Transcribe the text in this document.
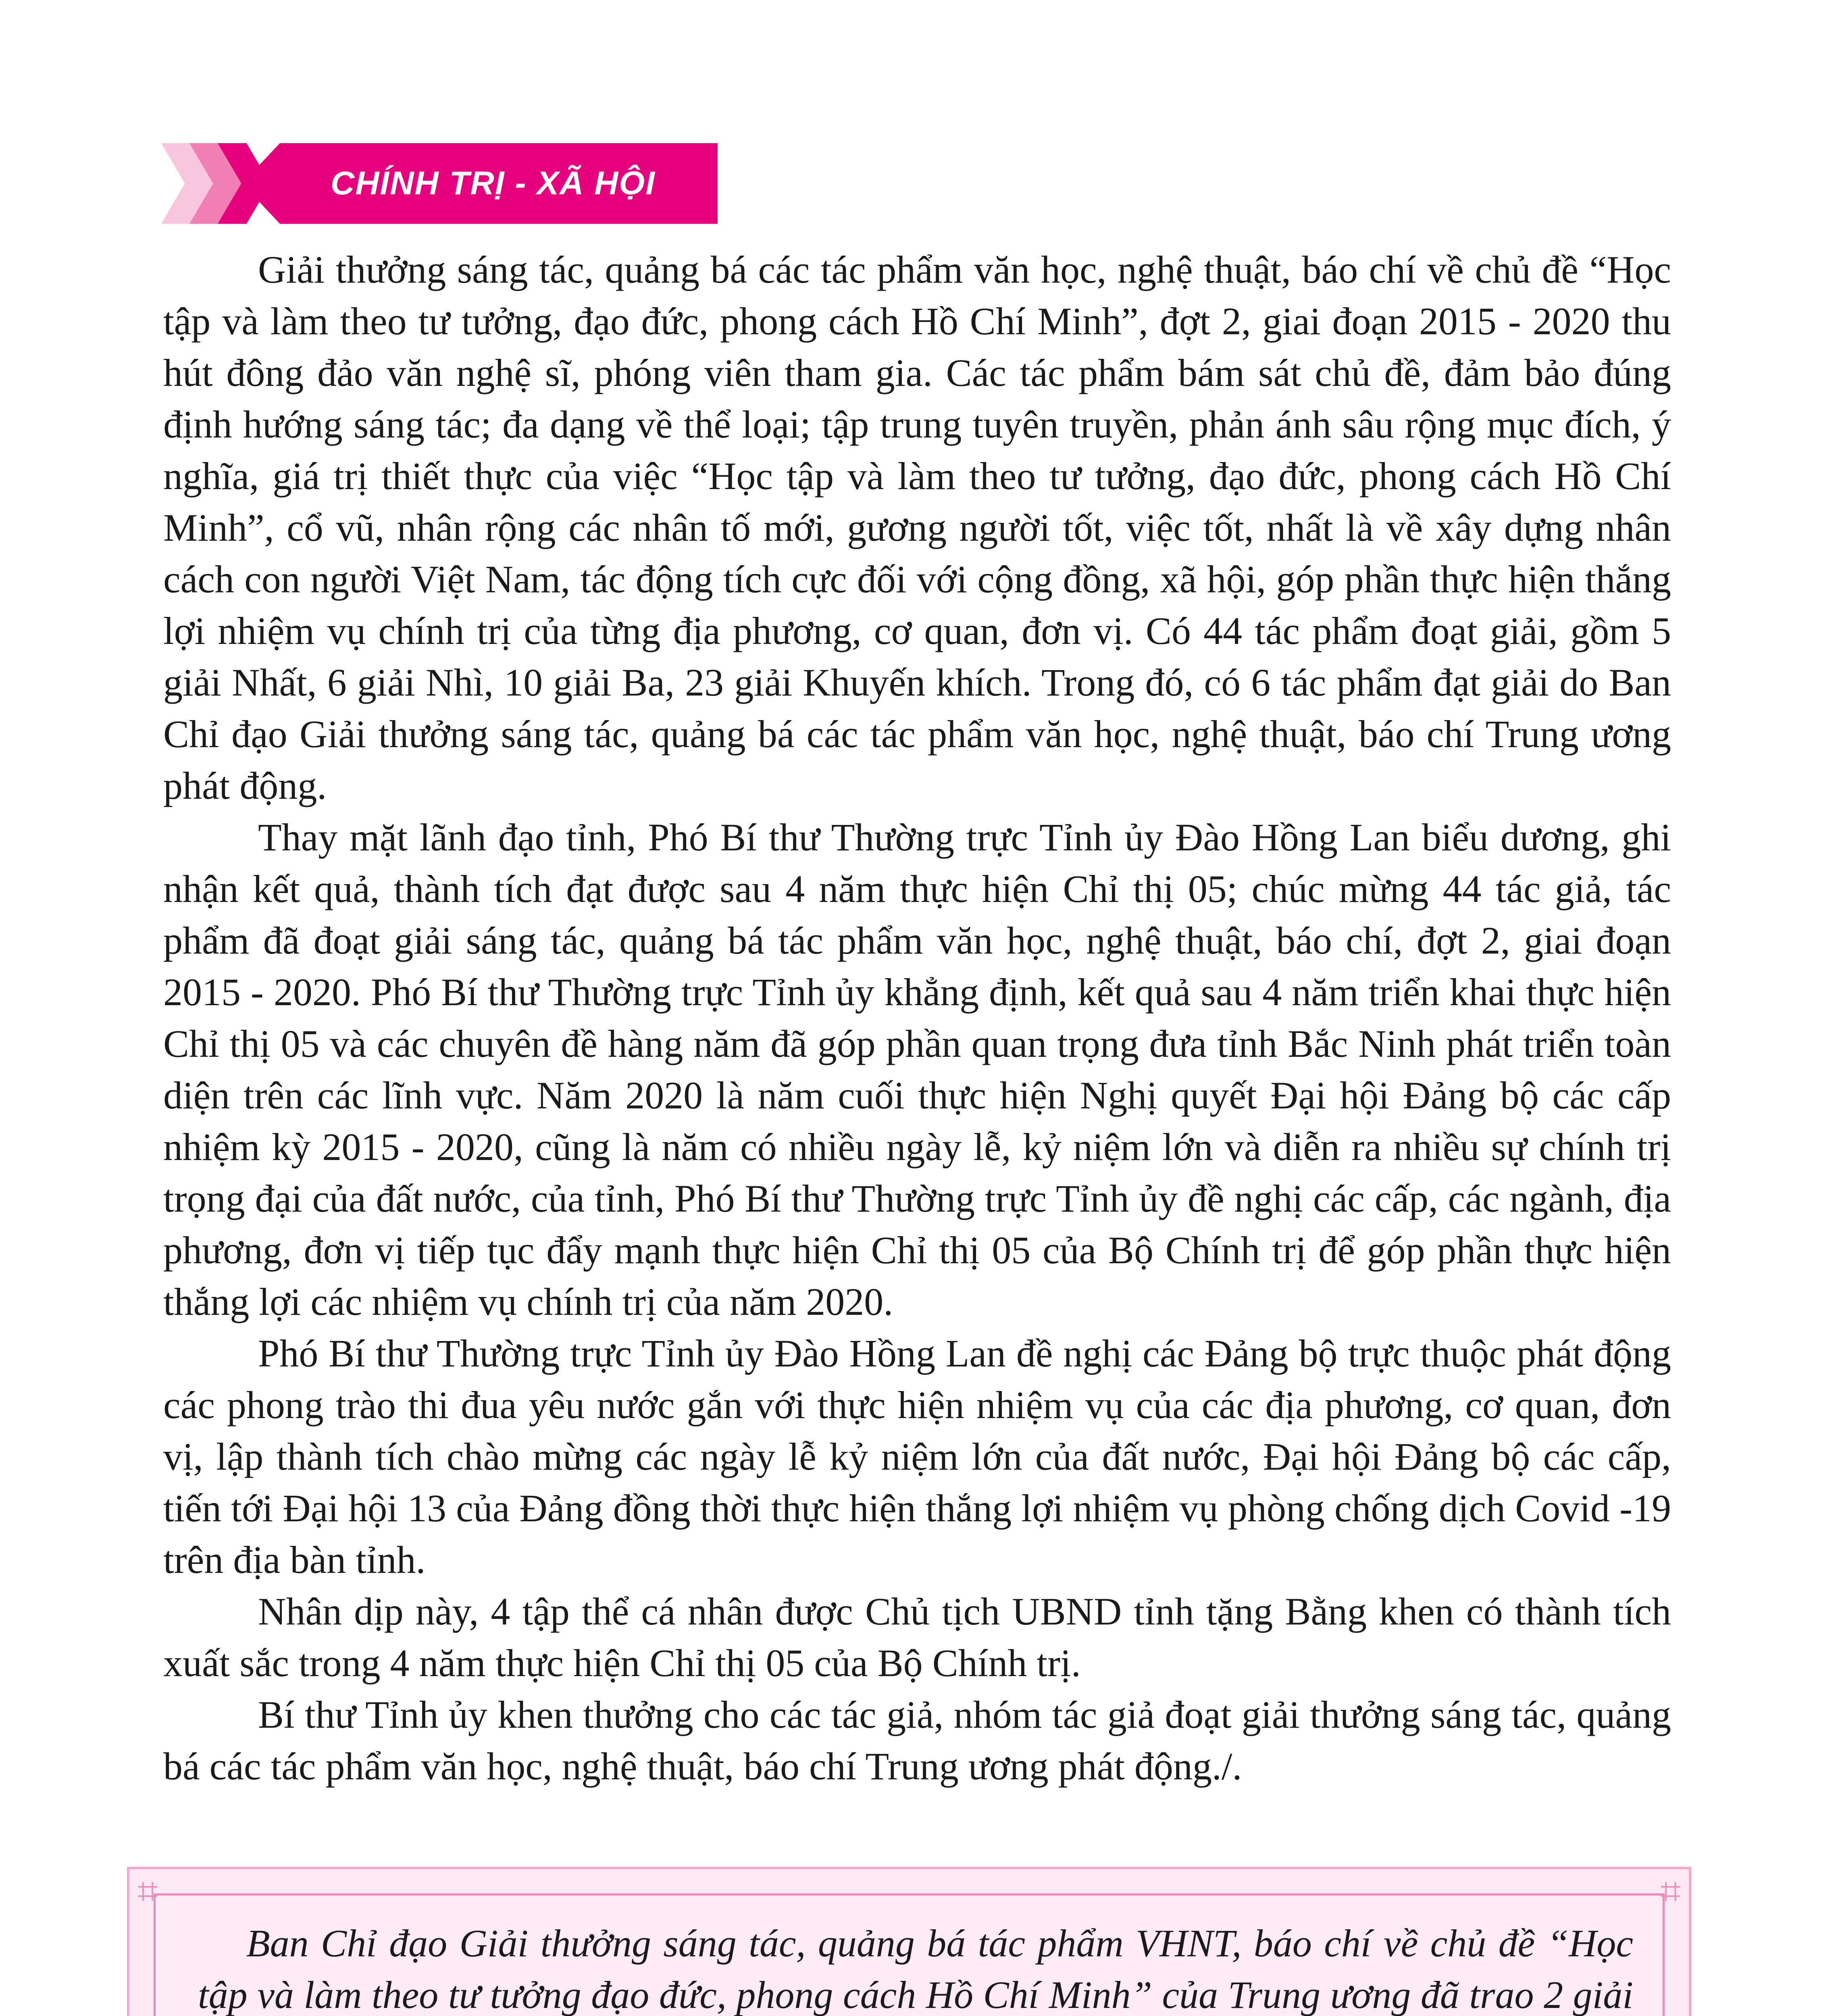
CHÍNH TRỊ - XÃ HỘI

Giải thưởng sáng tác, quảng bá các tác phẩm văn học, nghệ thuật, báo chí về chủ đề “Học tập và làm theo tư tưởng, đạo đức, phong cách Hồ Chí Minh”, đợt 2, giai đoạn 2015 - 2020 thu hút đông đảo văn nghệ sĩ, phóng viên tham gia. Các tác phẩm bám sát chủ đề, đảm bảo đúng định hướng sáng tác; đa dạng về thể loại; tập trung tuyên truyền, phản ánh sâu rộng mục đích, ý nghĩa, giá trị thiết thực của việc “Học tập và làm theo tư tưởng, đạo đức, phong cách Hồ Chí Minh”, cổ vũ, nhân rộng các nhân tố mới, gương người tốt, việc tốt, nhất là về xây dựng nhân cách con người Việt Nam, tác động tích cực đối với cộng đồng, xã hội, góp phần thực hiện thắng lợi nhiệm vụ chính trị của từng địa phương, cơ quan, đơn vị. Có 44 tác phẩm đoạt giải, gồm 5 giải Nhất, 6 giải Nhì, 10 giải Ba, 23 giải Khuyến khích. Trong đó, có 6 tác phẩm đạt giải do Ban Chỉ đạo Giải thưởng sáng tác, quảng bá các tác phẩm văn học, nghệ thuật, báo chí Trung ương phát động.

Thay mặt lãnh đạo tỉnh, Phó Bí thư Thường trực Tỉnh ủy Đào Hồng Lan biểu dương, ghi nhận kết quả, thành tích đạt được sau 4 năm thực hiện Chỉ thị 05; chúc mừng 44 tác giả, tác phẩm đã đoạt giải sáng tác, quảng bá tác phẩm văn học, nghệ thuật, báo chí, đợt 2, giai đoạn 2015 - 2020. Phó Bí thư Thường trực Tỉnh ủy khẳng định, kết quả sau 4 năm triển khai thực hiện Chỉ thị 05 và các chuyên đề hàng năm đã góp phần quan trọng đưa tỉnh Bắc Ninh phát triển toàn diện trên các lĩnh vực. Năm 2020 là năm cuối thực hiện Nghị quyết Đại hội Đảng bộ các cấp nhiệm kỳ 2015 - 2020, cũng là năm có nhiều ngày lễ, kỷ niệm lớn và diễn ra nhiều sự chính trị trọng đại của đất nước, của tỉnh, Phó Bí thư Thường trực Tỉnh ủy đề nghị các cấp, các ngành, địa phương, đơn vị tiếp tục đẩy mạnh thực hiện Chỉ thị 05 của Bộ Chính trị để góp phần thực hiện thắng lợi các nhiệm vụ chính trị của năm 2020.

Phó Bí thư Thường trực Tỉnh ủy Đào Hồng Lan đề nghị các Đảng bộ trực thuộc phát động các phong trào thi đua yêu nước gắn với thực hiện nhiệm vụ của các địa phương, cơ quan, đơn vị, lập thành tích chào mừng các ngày lễ kỷ niệm lớn của đất nước, Đại hội Đảng bộ các cấp, tiến tới Đại hội 13 của Đảng đồng thời thực hiện thắng lợi nhiệm vụ phòng chống dịch Covid -19 trên địa bàn tỉnh.

Nhân dịp này, 4 tập thể cá nhân được Chủ tịch UBND tỉnh tặng Bằng khen có thành tích xuất sắc trong 4 năm thực hiện Chỉ thị 05 của Bộ Chính trị.

Bí thư Tỉnh ủy khen thưởng cho các tác giả, nhóm tác giả đoạt giải thưởng sáng tác, quảng bá các tác phẩm văn học, nghệ thuật, báo chí Trung ương phát động./.

⌗	⌗

Ban Chỉ đạo Giải thưởng sáng tác, quảng bá tác phẩm VHNT, báo chí về chủ đề “Học tập và làm theo tư tưởng đạo đức, phong cách Hồ Chí Minh” của Trung ương đã trao 2 giải
